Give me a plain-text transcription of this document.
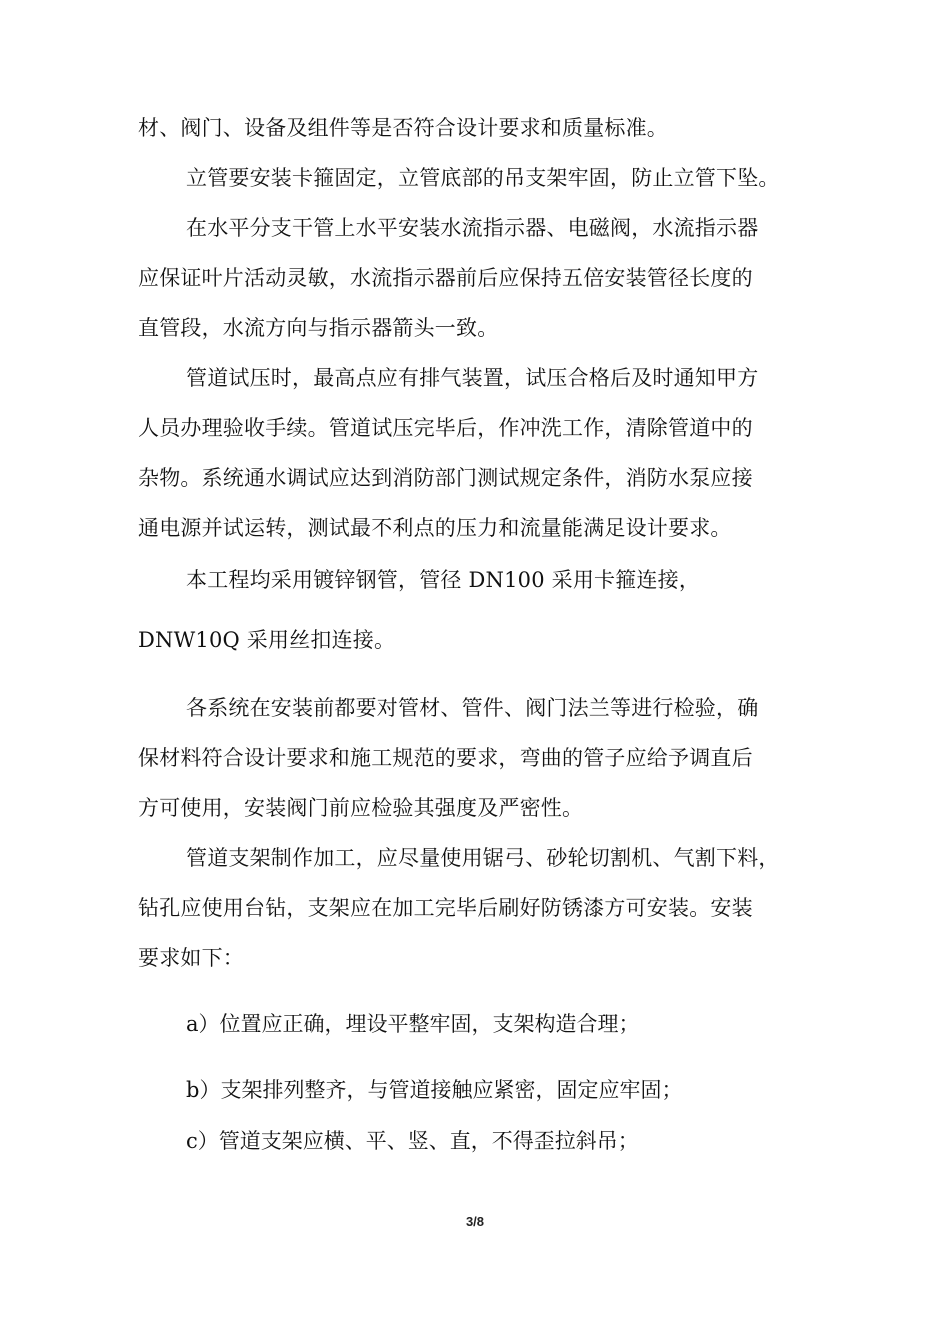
材、阀门、设备及组件等是否符合设计要求和质量标准。

立管要安装卡箍固定，立管底部的吊支架牢固，防止立管下坠。

在水平分支干管上水平安装水流指示器、电磁阀，水流指示器
应保证叶片活动灵敏，水流指示器前后应保持五倍安装管径长度的
直管段，水流方向与指示器箭头一致。

管道试压时，最高点应有排气装置，试压合格后及时通知甲方
人员办理验收手续。管道试压完毕后，作冲洗工作，清除管道中的
杂物。系统通水调试应达到消防部门测试规定条件，消防水泵应接
通电源并试运转，测试最不利点的压力和流量能满足设计要求。

本工程均采用镀锌钢管，管径 DN100 采用卡箍连接，

DNW10Q 采用丝扣连接。

各系统在安装前都要对管材、管件、阀门法兰等进行检验，确
保材料符合设计要求和施工规范的要求，弯曲的管子应给予调直后
方可使用，安装阀门前应检验其强度及严密性。

管道支架制作加工，应尽量使用锯弓、砂轮切割机、气割下料，
钻孔应使用台钻，支架应在加工完毕后刷好防锈漆方可安装。安装
要求如下：

a）位置应正确，埋设平整牢固，支架构造合理；

b）支架排列整齐，与管道接触应紧密，固定应牢固；

c）管道支架应横、平、竖、直，不得歪拉斜吊；

3/8
